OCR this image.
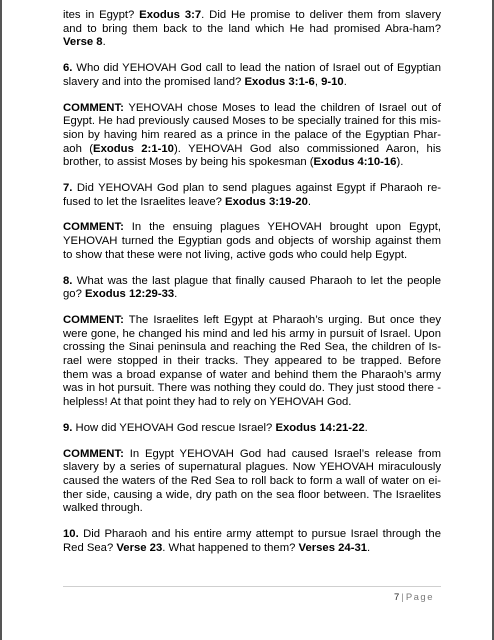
ites in Egypt? Exodus 3:7. Did He promise to deliver them from slavery and to bring them back to the land which He had promised Abra-ham? Verse 8.

6. Who did YEHOVAH God call to lead the nation of Israel out of Egyptian slavery and into the promised land? Exodus 3:1-6, 9-10.

COMMENT: YEHOVAH chose Moses to lead the children of Israel out of Egypt. He had previously caused Moses to be specially trained for this mis-sion by having him reared as a prince in the palace of the Egyptian Phar-aoh (Exodus 2:1-10). YEHOVAH God also commissioned Aaron, his brother, to assist Moses by being his spokesman (Exodus 4:10-16).

7. Did YEHOVAH God plan to send plagues against Egypt if Pharaoh re-fused to let the Israelites leave? Exodus 3:19-20.

COMMENT: In the ensuing plagues YEHOVAH brought upon Egypt, YEHOVAH turned the Egyptian gods and objects of worship against them to show that these were not living, active gods who could help Egypt.

8. What was the last plague that finally caused Pharaoh to let the people go? Exodus 12:29-33.

COMMENT: The Israelites left Egypt at Pharaoh’s urging. But once they were gone, he changed his mind and led his army in pursuit of Israel. Upon crossing the Sinai peninsula and reaching the Red Sea, the children of Is-rael were stopped in their tracks. They appeared to be trapped. Before them was a broad expanse of water and behind them the Pharaoh’s army was in hot pursuit. There was nothing they could do. They just stood there - helpless! At that point they had to rely on YEHOVAH God.

9. How did YEHOVAH God rescue Israel? Exodus 14:21-22.

COMMENT: In Egypt YEHOVAH God had caused Israel’s release from slavery by a series of supernatural plagues. Now YEHOVAH miraculously caused the waters of the Red Sea to roll back to form a wall of water on ei-ther side, causing a wide, dry path on the sea floor between. The Israelites walked through.

10. Did Pharaoh and his entire army attempt to pursue Israel through the Red Sea? Verse 23. What happened to them? Verses 24-31.

7 | Page
